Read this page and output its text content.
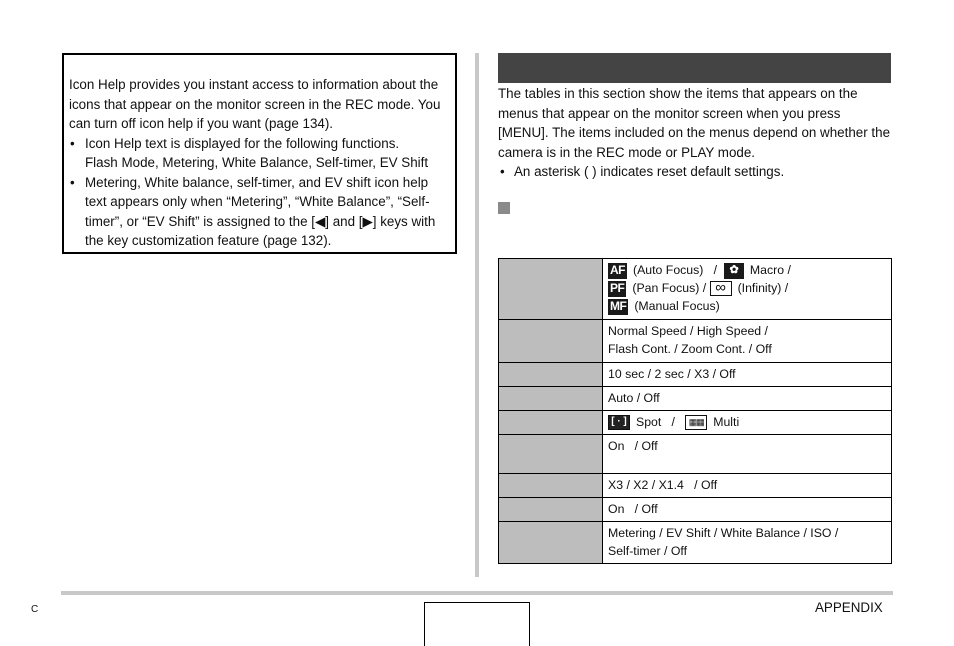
Icon Help provides you instant access to information about the icons that appear on the monitor screen in the REC mode. You can turn off icon help if you want (page 134).

• Icon Help text is displayed for the following functions.
Flash Mode, Metering, White Balance, Self-timer, EV Shift
• Metering, White balance, self-timer, and EV shift icon help text appears only when “Metering”, “White Balance”, “Self-timer”, or “EV Shift” is assigned to the [◀] and [▶] keys with the key customization feature (page 132).

The tables in this section show the items that appears on the menus that appear on the monitor screen when you press [MENU]. The items included on the menus depend on whether the camera is in the REC mode or PLAY mode.

• An asterisk ( ) indicates reset default settings.
	AF (Auto Focus) / ✿ Macro /
PF (Pan Focus) / ∞ (Infinity) /
MF (Manual Focus)
	Normal Speed / High Speed /
Flash Cont. / Zoom Cont. / Off
	10 sec / 2 sec / X3 / Off
	Auto / Off
	[ · ] Spot / ▦▦ Multi
	On   / Off
	X3 / X2 / X1.4   / Off
	On   / Off
	Metering / EV Shift / White Balance / ISO /
Self-timer / Off
C	APPENDIX
